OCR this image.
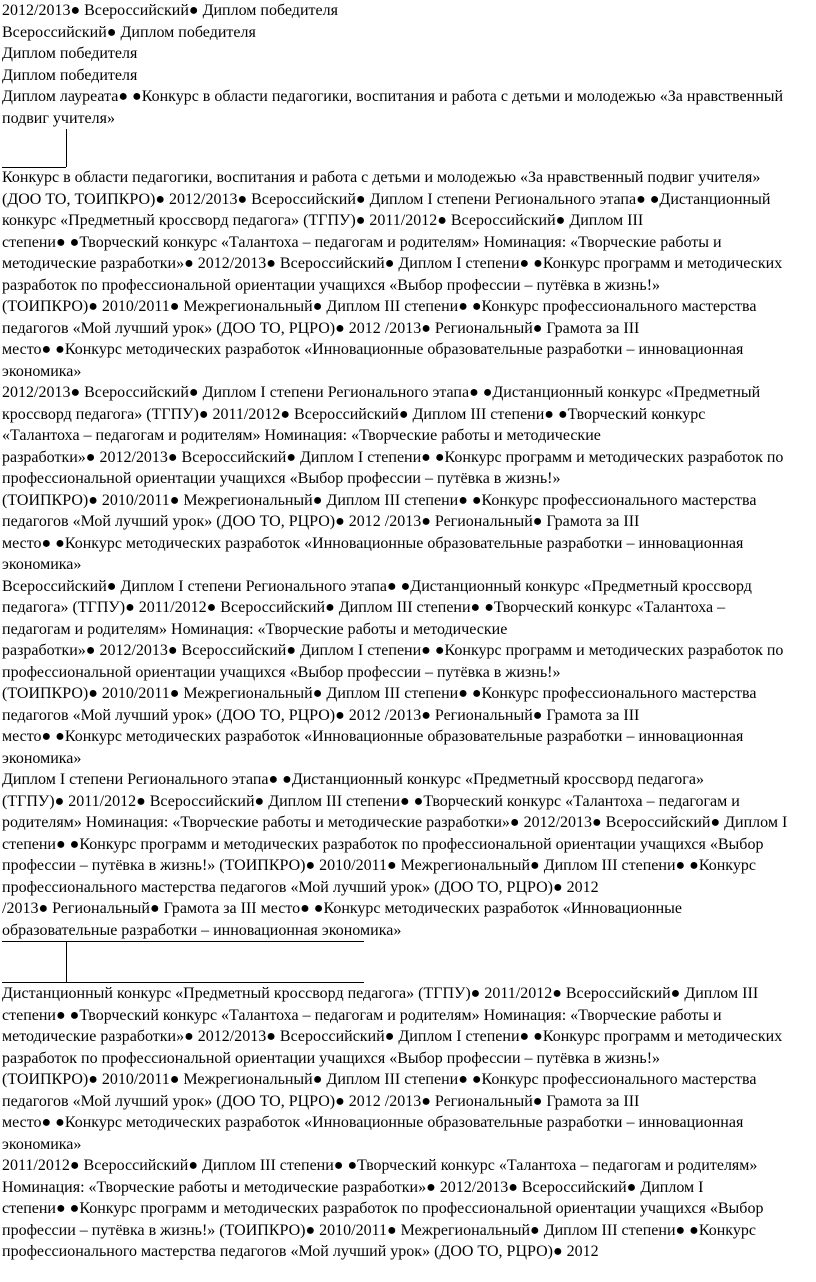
2012/2013● Всероссийский● Диплом победителя
Всероссийский● Диплом победителя
Диплом победителя
Диплом победителя
Диплом лауреата● ●Конкурс в области педагогики, воспитания и работа с детьми и молодежью «За нравственный
подвиг учителя»
Конкурс в области педагогики, воспитания и работа с детьми и молодежью «За нравственный подвиг учителя»
(ДОО ТО, ТОИПКРО)● 2012/2013● Всероссийский● Диплом I степени Регионального этапа● ●Дистанционный
конкурс «Предметный кроссворд педагога» (ТГПУ)● 2011/2012● Всероссийский● Диплом III
степени● ●Творческий конкурс «Талантоха – педагогам и родителям» Номинация: «Творческие работы и
методические разработки»● 2012/2013● Всероссийский● Диплом I степени● ●Конкурс программ и методических
разработок по профессиональной ориентации учащихся «Выбор профессии – путёвка в жизнь!»
(ТОИПКРО)● 2010/2011● Межрегиональный● Диплом III степени● ●Конкурс профессионального мастерства
педагогов «Мой лучший урок» (ДОО ТО, РЦРО)● 2012 /2013● Региональный● Грамота за III
место● ●Конкурс методических разработок «Инновационные образовательные разработки – инновационная
экономика»
2012/2013● Всероссийский● Диплом I степени Регионального этапа● ●Дистанционный конкурс «Предметный
кроссворд педагога» (ТГПУ)● 2011/2012● Всероссийский● Диплом III степени● ●Творческий конкурс
«Талантоха – педагогам и родителям» Номинация: «Творческие работы и методические
разработки»● 2012/2013● Всероссийский● Диплом I степени● ●Конкурс программ и методических разработок по
профессиональной ориентации учащихся «Выбор профессии – путёвка в жизнь!»
(ТОИПКРО)● 2010/2011● Межрегиональный● Диплом III степени● ●Конкурс профессионального мастерства
педагогов «Мой лучший урок» (ДОО ТО, РЦРО)● 2012 /2013● Региональный● Грамота за III
место● ●Конкурс методических разработок «Инновационные образовательные разработки – инновационная
экономика»
Всероссийский● Диплом I степени Регионального этапа● ●Дистанционный конкурс «Предметный кроссворд
педагога» (ТГПУ)● 2011/2012● Всероссийский● Диплом III степени● ●Творческий конкурс «Талантоха –
педагогам и родителям» Номинация: «Творческие работы и методические
разработки»● 2012/2013● Всероссийский● Диплом I степени● ●Конкурс программ и методических разработок по
профессиональной ориентации учащихся «Выбор профессии – путёвка в жизнь!»
(ТОИПКРО)● 2010/2011● Межрегиональный● Диплом III степени● ●Конкурс профессионального мастерства
педагогов «Мой лучший урок» (ДОО ТО, РЦРО)● 2012 /2013● Региональный● Грамота за III
место● ●Конкурс методических разработок «Инновационные образовательные разработки – инновационная
экономика»
Диплом I степени Регионального этапа● ●Дистанционный конкурс «Предметный кроссворд педагога»
(ТГПУ)● 2011/2012● Всероссийский● Диплом III степени● ●Творческий конкурс «Талантоха – педагогам и
родителям» Номинация: «Творческие работы и методические разработки»● 2012/2013● Всероссийский● Диплом I
степени● ●Конкурс программ и методических разработок по профессиональной ориентации учащихся «Выбор
профессии – путёвка в жизнь!» (ТОИПКРО)● 2010/2011● Межрегиональный● Диплом III степени● ●Конкурс
профессионального мастерства педагогов «Мой лучший урок» (ДОО ТО, РЦРО)● 2012
/2013● Региональный● Грамота за III место● ●Конкурс методических разработок «Инновационные
образовательные разработки – инновационная экономика»
Дистанционный конкурс «Предметный кроссворд педагога» (ТГПУ)● 2011/2012● Всероссийский● Диплом III
степени● ●Творческий конкурс «Талантоха – педагогам и родителям» Номинация: «Творческие работы и
методические разработки»● 2012/2013● Всероссийский● Диплом I степени● ●Конкурс программ и методических
разработок по профессиональной ориентации учащихся «Выбор профессии – путёвка в жизнь!»
(ТОИПКРО)● 2010/2011● Межрегиональный● Диплом III степени● ●Конкурс профессионального мастерства
педагогов «Мой лучший урок» (ДОО ТО, РЦРО)● 2012 /2013● Региональный● Грамота за III
место● ●Конкурс методических разработок «Инновационные образовательные разработки – инновационная
экономика»
2011/2012● Всероссийский● Диплом III степени● ●Творческий конкурс «Талантоха – педагогам и родителям»
Номинация: «Творческие работы и методические разработки»● 2012/2013● Всероссийский● Диплом I
степени● ●Конкурс программ и методических разработок по профессиональной ориентации учащихся «Выбор
профессии – путёвка в жизнь!» (ТОИПКРО)● 2010/2011● Межрегиональный● Диплом III степени● ●Конкурс
профессионального мастерства педагогов «Мой лучший урок» (ДОО ТО, РЦРО)● 2012
